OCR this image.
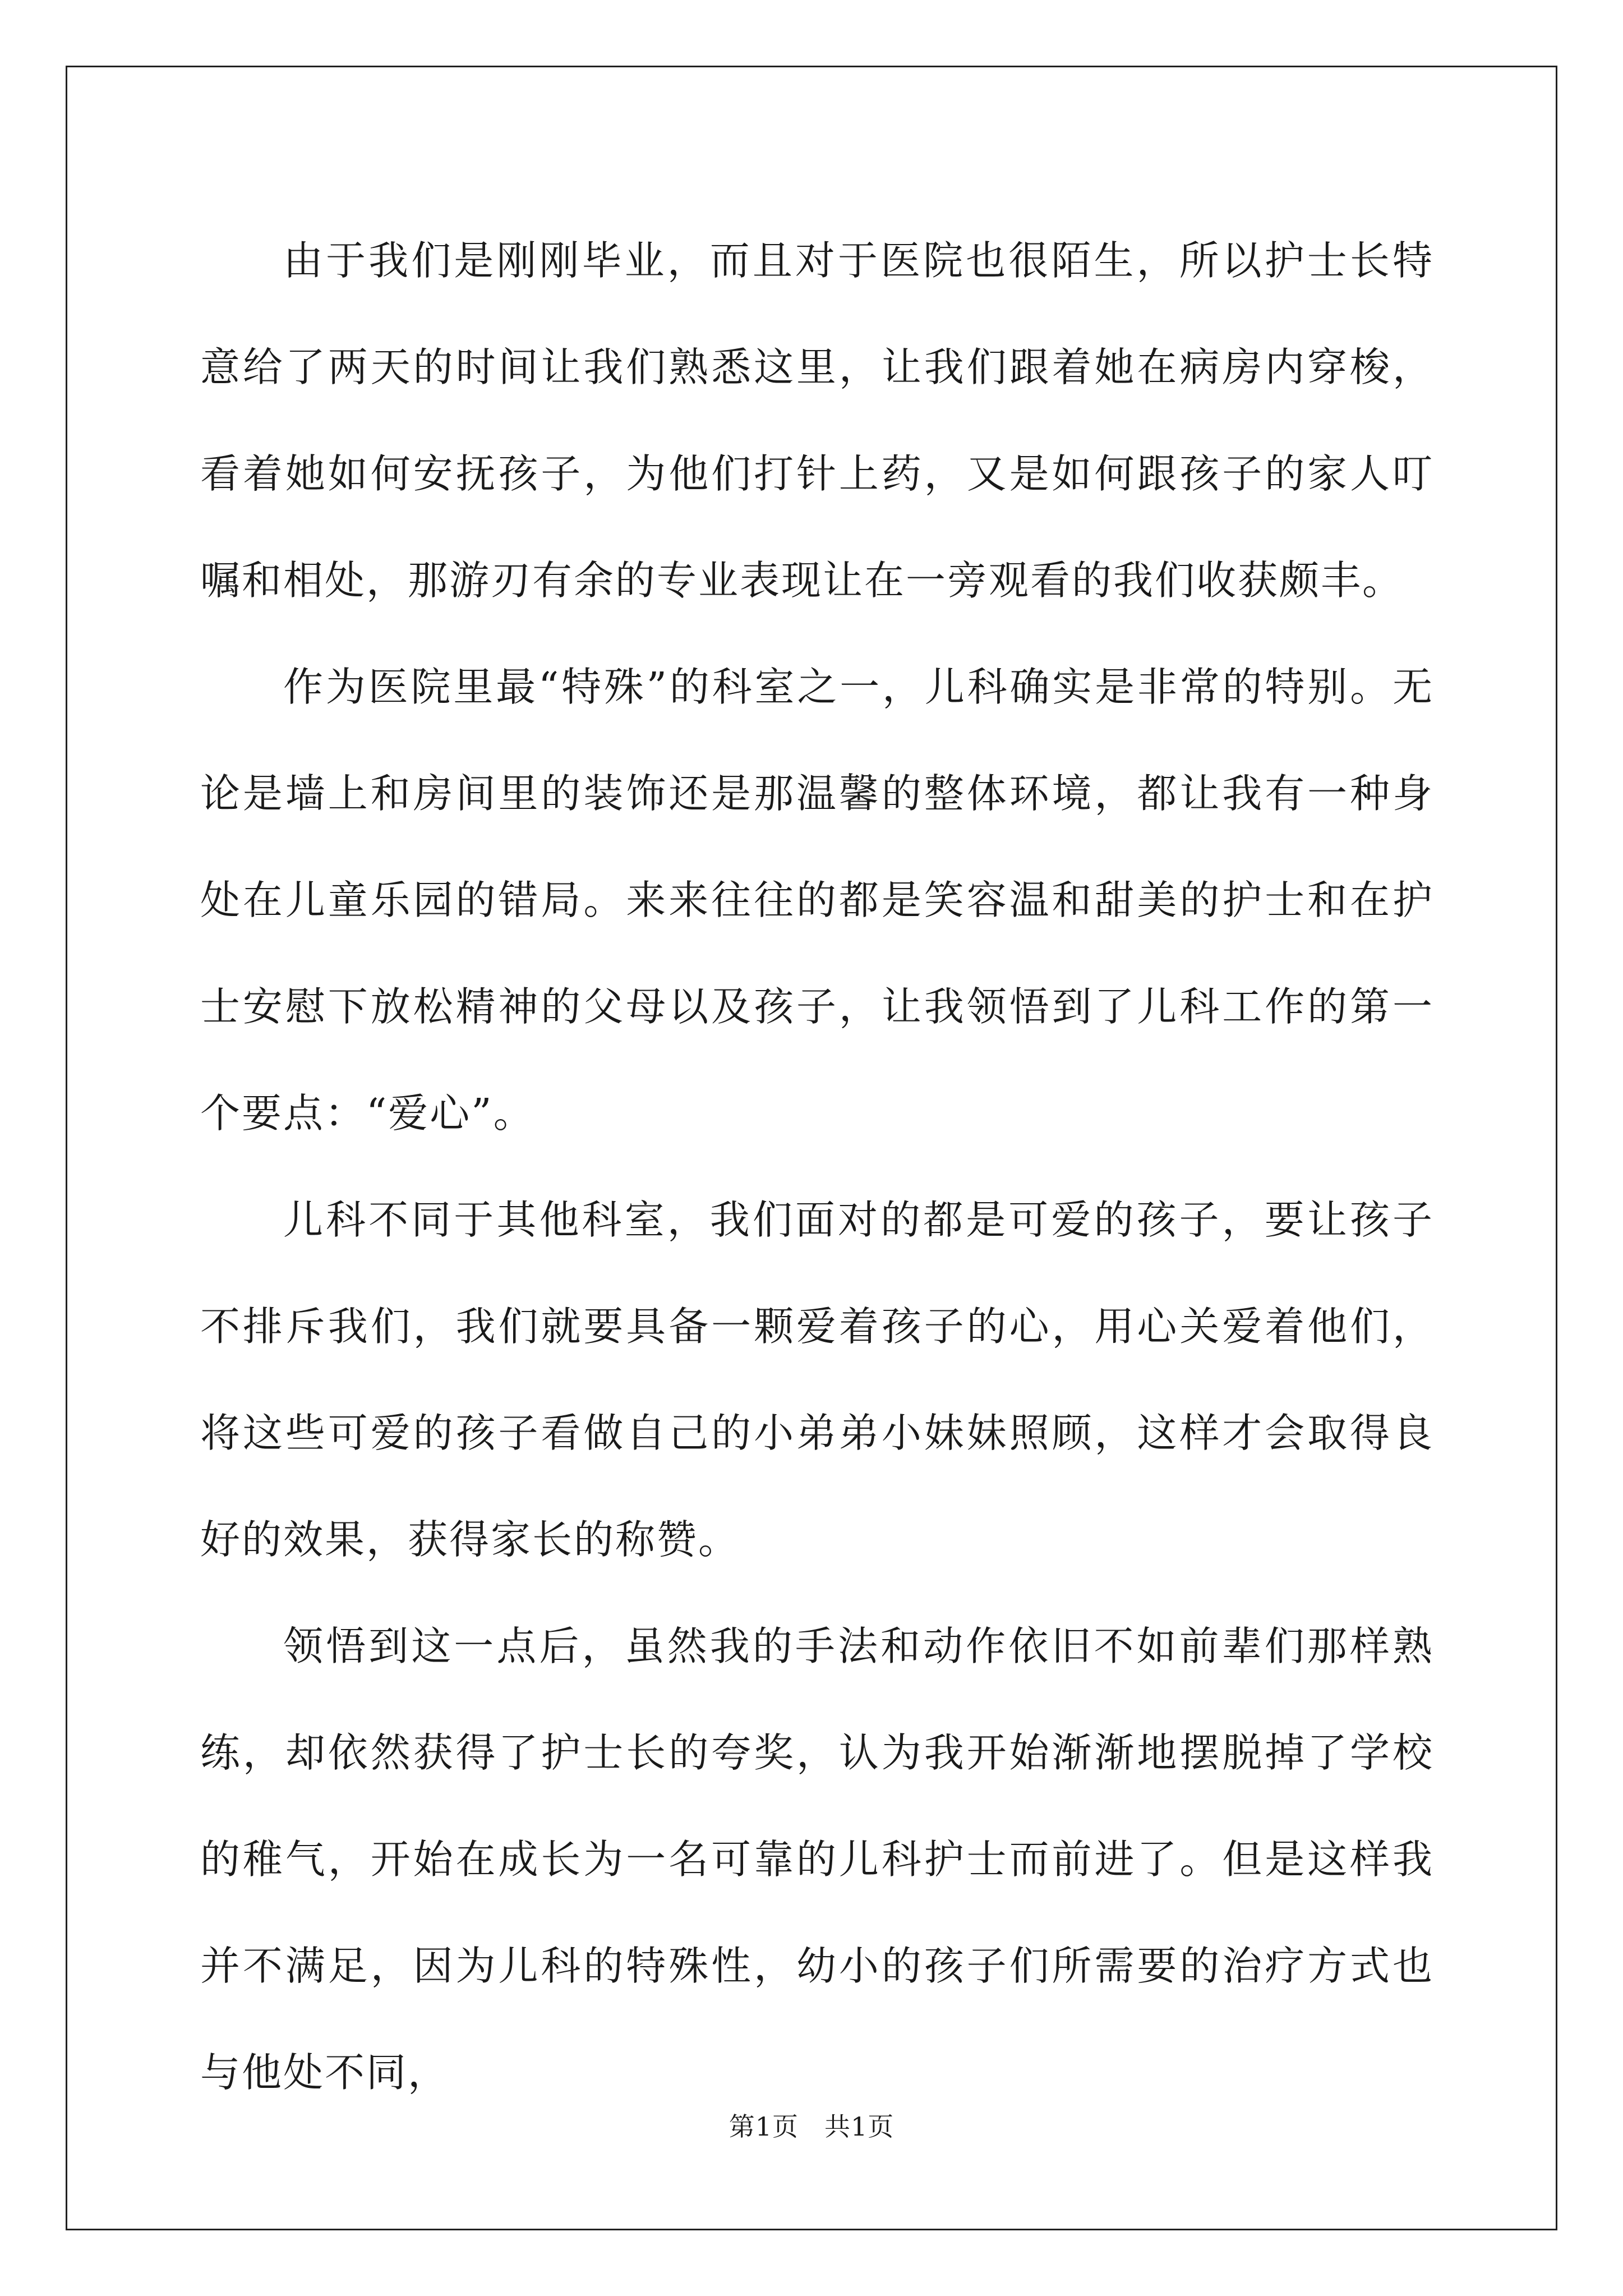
由于我们是刚刚毕业，而且对于医院也很陌生，所以护士长特意给了两天的时间让我们熟悉这里，让我们跟着她在病房内穿梭，看着她如何安抚孩子，为他们打针上药，又是如何跟孩子的家人叮嘱和相处，那游刃有余的专业表现让在一旁观看的我们收获颇丰。

作为医院里最“特殊”的科室之一，儿科确实是非常的特别。无论是墙上和房间里的装饰还是那温馨的整体环境，都让我有一种身处在儿童乐园的错局。来来往往的都是笑容温和甜美的护士和在护士安慰下放松精神的父母以及孩子，让我领悟到了儿科工作的第一个要点：“爱心”。

儿科不同于其他科室，我们面对的都是可爱的孩子，要让孩子不排斥我们，我们就要具备一颗爱着孩子的心，用心关爱着他们，将这些可爱的孩子看做自己的小弟弟小妹妹照顾，这样才会取得良好的效果，获得家长的称赞。

领悟到这一点后，虽然我的手法和动作依旧不如前辈们那样熟练，却依然获得了护士长的夸奖，认为我开始渐渐地摆脱掉了学校的稚气，开始在成长为一名可靠的儿科护士而前进了。但是这样我并不满足，因为儿科的特殊性，幼小的孩子们所需要的治疗方式也与他处不同，

第1页 共1页
